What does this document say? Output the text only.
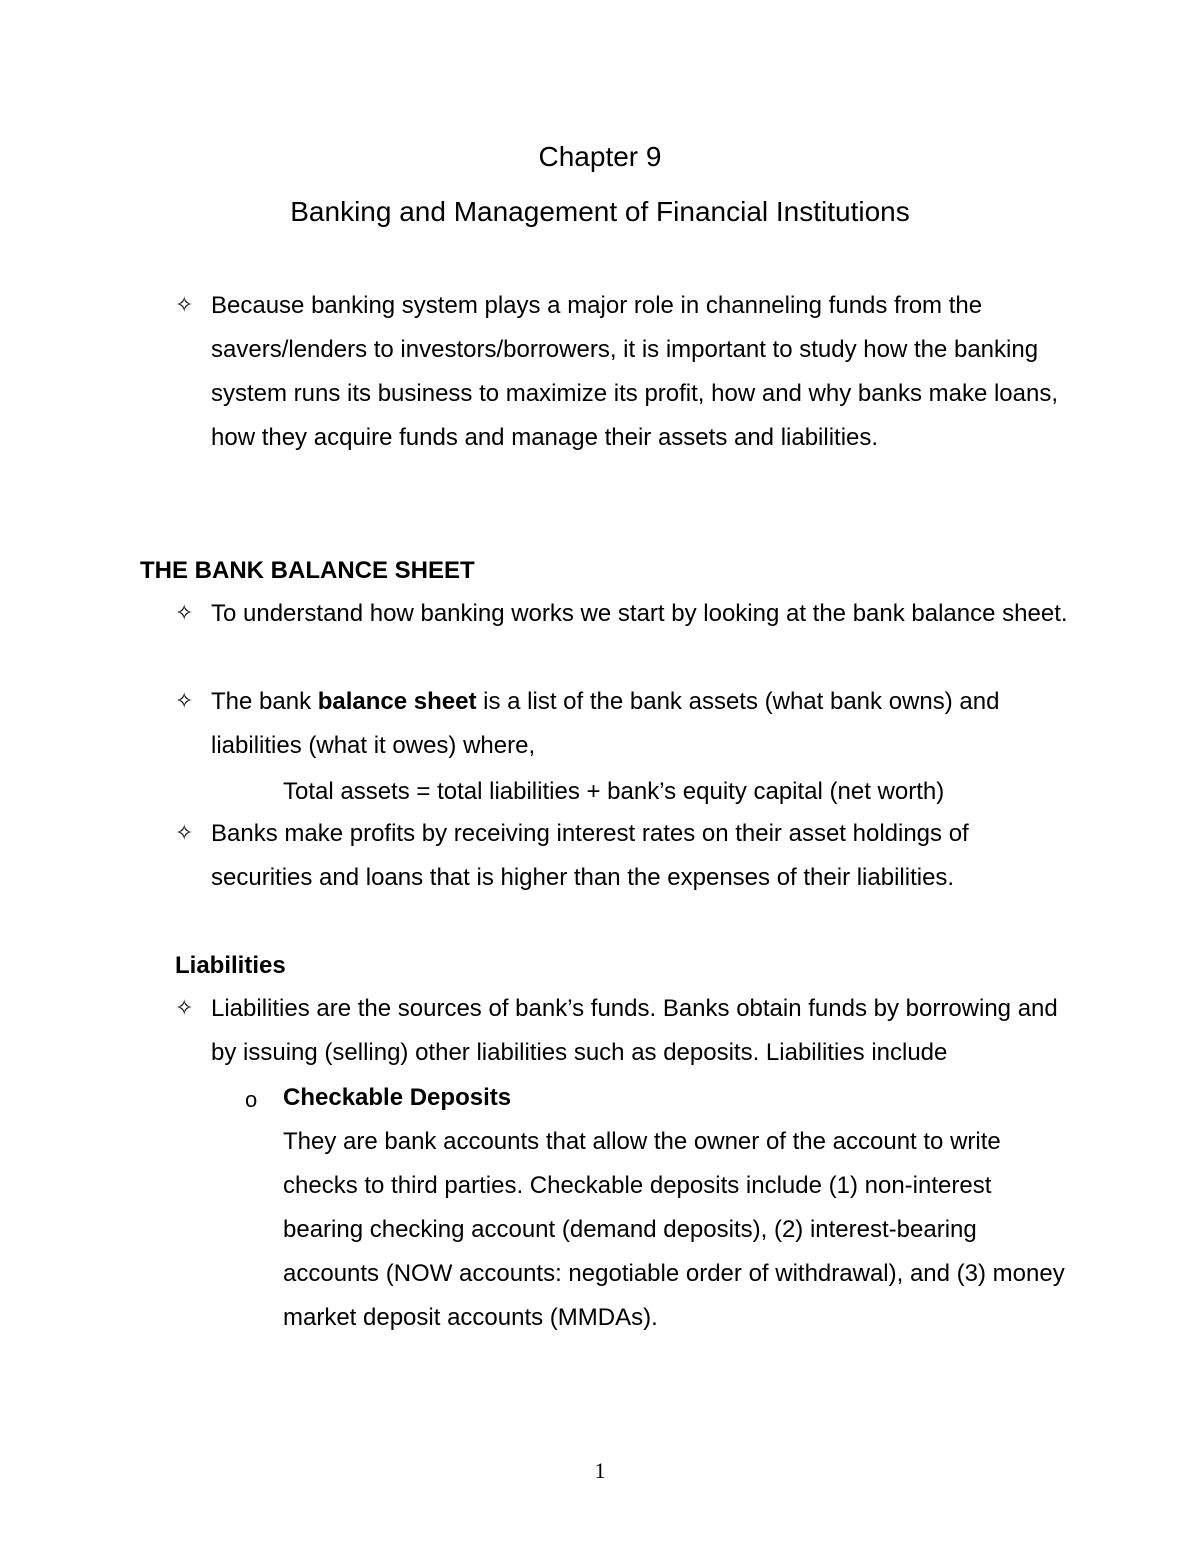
Chapter 9
Banking and Management of Financial Institutions
✧ Because banking system plays a major role in channeling funds from the savers/lenders to investors/borrowers, it is important to study how the banking system runs its business to maximize its profit, how and why banks make loans, how they acquire funds and manage their assets and liabilities.
THE BANK BALANCE SHEET
✧ To understand how banking works we start by looking at the bank balance sheet.
✧ The bank balance sheet is a list of the bank assets (what bank owns) and liabilities (what it owes) where,
Total assets = total liabilities + bank’s equity capital (net worth)
✧ Banks make profits by receiving interest rates on their asset holdings of securities and loans that is higher than the expenses of their liabilities.
Liabilities
✧ Liabilities are the sources of bank’s funds. Banks obtain funds by borrowing and by issuing (selling) other liabilities such as deposits. Liabilities include
o	Checkable Deposits
They are bank accounts that allow the owner of the account to write checks to third parties. Checkable deposits include (1) non-interest bearing checking account (demand deposits), (2) interest-bearing accounts (NOW accounts: negotiable order of withdrawal), and (3) money market deposit accounts (MMDAs).
1
